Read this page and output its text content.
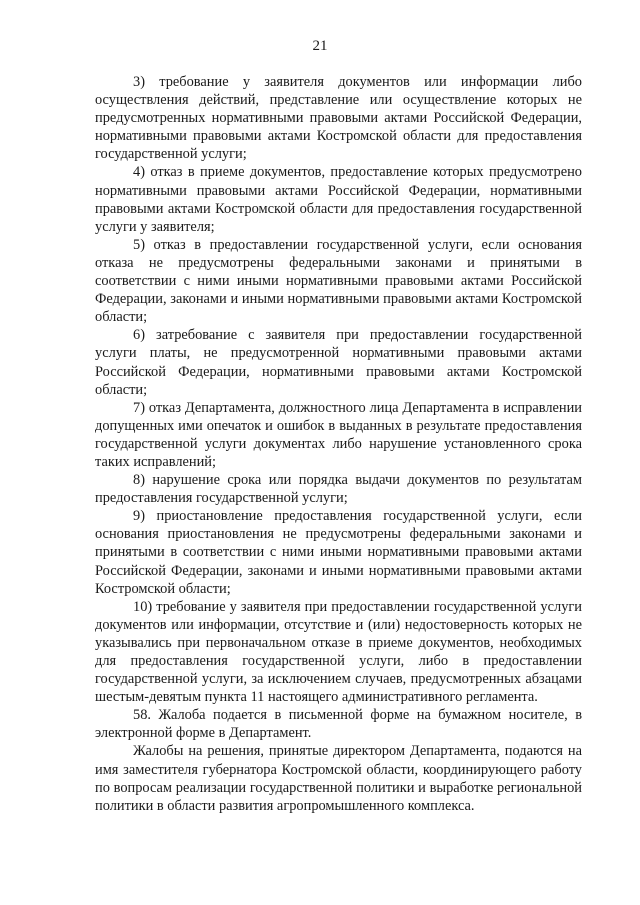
21

3) требование у заявителя документов или информации либо осуществления действий, представление или осуществление которых не предусмотренных нормативными правовыми актами Российской Федерации, нормативными правовыми актами Костромской области для предоставления государственной услуги;

4) отказ в приеме документов, предоставление которых предусмотрено нормативными правовыми актами Российской Федерации, нормативными правовыми актами Костромской области для предоставления государственной услуги у заявителя;

5) отказ в предоставлении государственной услуги, если основания отказа не предусмотрены федеральными законами и принятыми в соответствии с ними иными нормативными правовыми актами Российской Федерации, законами и иными нормативными правовыми актами Костромской области;

6) затребование с заявителя при предоставлении государственной услуги платы, не предусмотренной нормативными правовыми актами Российской Федерации, нормативными правовыми актами Костромской области;

7) отказ Департамента, должностного лица Департамента в исправлении допущенных ими опечаток и ошибок в выданных в результате предоставления государственной услуги документах либо нарушение установленного срока таких исправлений;

8) нарушение срока или порядка выдачи документов по результатам предоставления государственной услуги;

9) приостановление предоставления государственной услуги, если основания приостановления не предусмотрены федеральными законами и принятыми в соответствии с ними иными нормативными правовыми актами Российской Федерации, законами и иными нормативными правовыми актами Костромской области;

10) требование у заявителя при предоставлении государственной услуги документов или информации, отсутствие и (или) недостоверность которых не указывались при первоначальном отказе в приеме документов, необходимых для предоставления государственной услуги, либо в предоставлении государственной услуги, за исключением случаев, предусмотренных абзацами шестым-девятым пункта 11 настоящего административного регламента.

58. Жалоба подается в письменной форме на бумажном носителе, в электронной форме в Департамент.

Жалобы на решения, принятые директором Департамента, подаются на имя заместителя губернатора Костромской области, координирующего работу по вопросам реализации государственной политики и выработке региональной политики в области развития агропромышленного комплекса.
